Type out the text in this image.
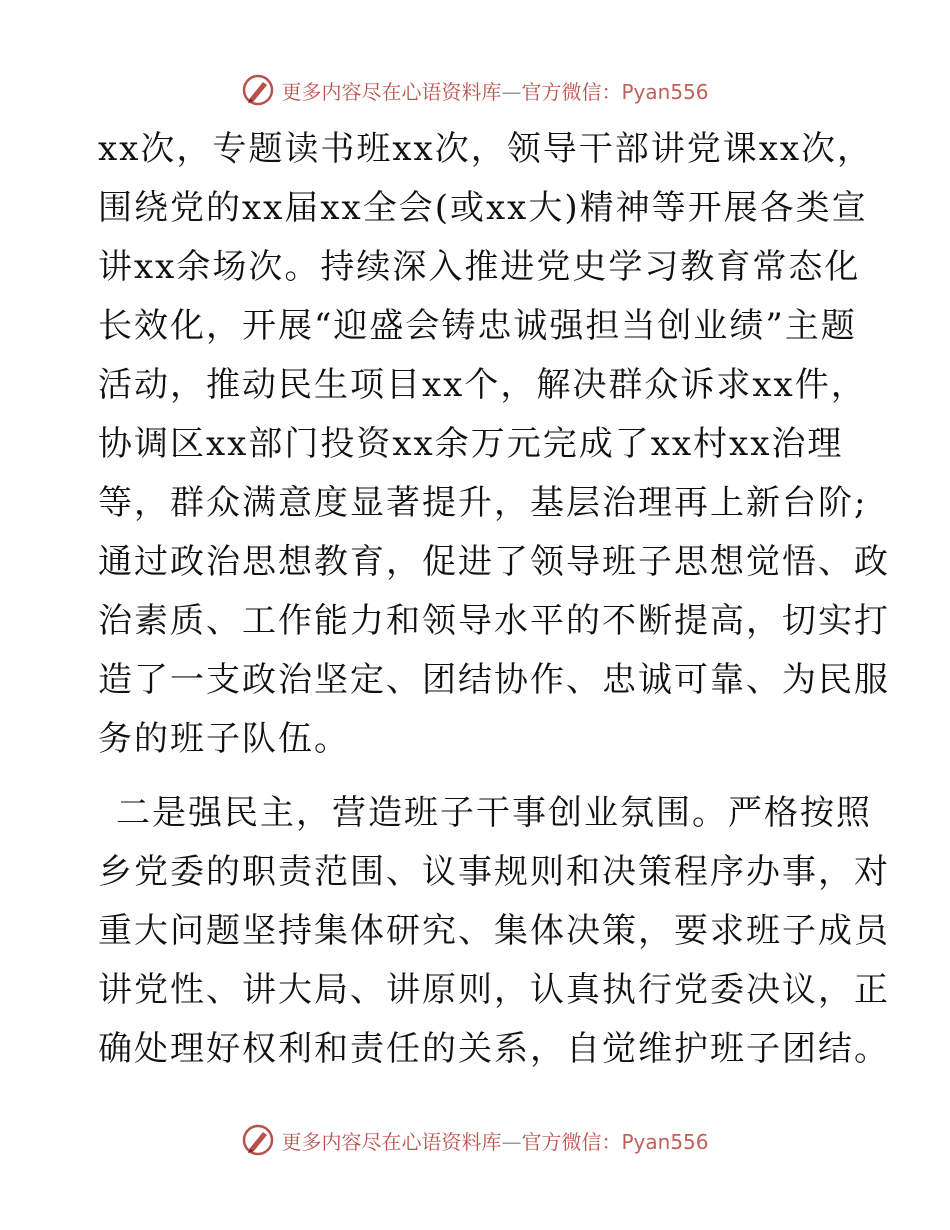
更多内容尽在心语资料库—官方微信：Pyan556
xx次，专题读书班xx次，领导干部讲党课xx次，
围绕党的xx届xx全会(或xx大)精神等开展各类宣
讲xx余场次。持续深入推进党史学习教育常态化
长效化，开展“迎盛会铸忠诚强担当创业绩”主题
活动，推动民生项目xx个，解决群众诉求xx件，
协调区xx部门投资xx余万元完成了xx村xx治理
等，群众满意度显著提升，基层治理再上新台阶;
通过政治思想教育，促进了领导班子思想觉悟、政
治素质、工作能力和领导水平的不断提高，切实打
造了一支政治坚定、团结协作、忠诚可靠、为民服
务的班子队伍。
二是强民主，营造班子干事创业氛围。严格按照
乡党委的职责范围、议事规则和决策程序办事，对
重大问题坚持集体研究、集体决策，要求班子成员
讲党性、讲大局、讲原则，认真执行党委决议，正
确处理好权利和责任的关系，自觉维护班子团结。
更多内容尽在心语资料库—官方微信：Pyan556
